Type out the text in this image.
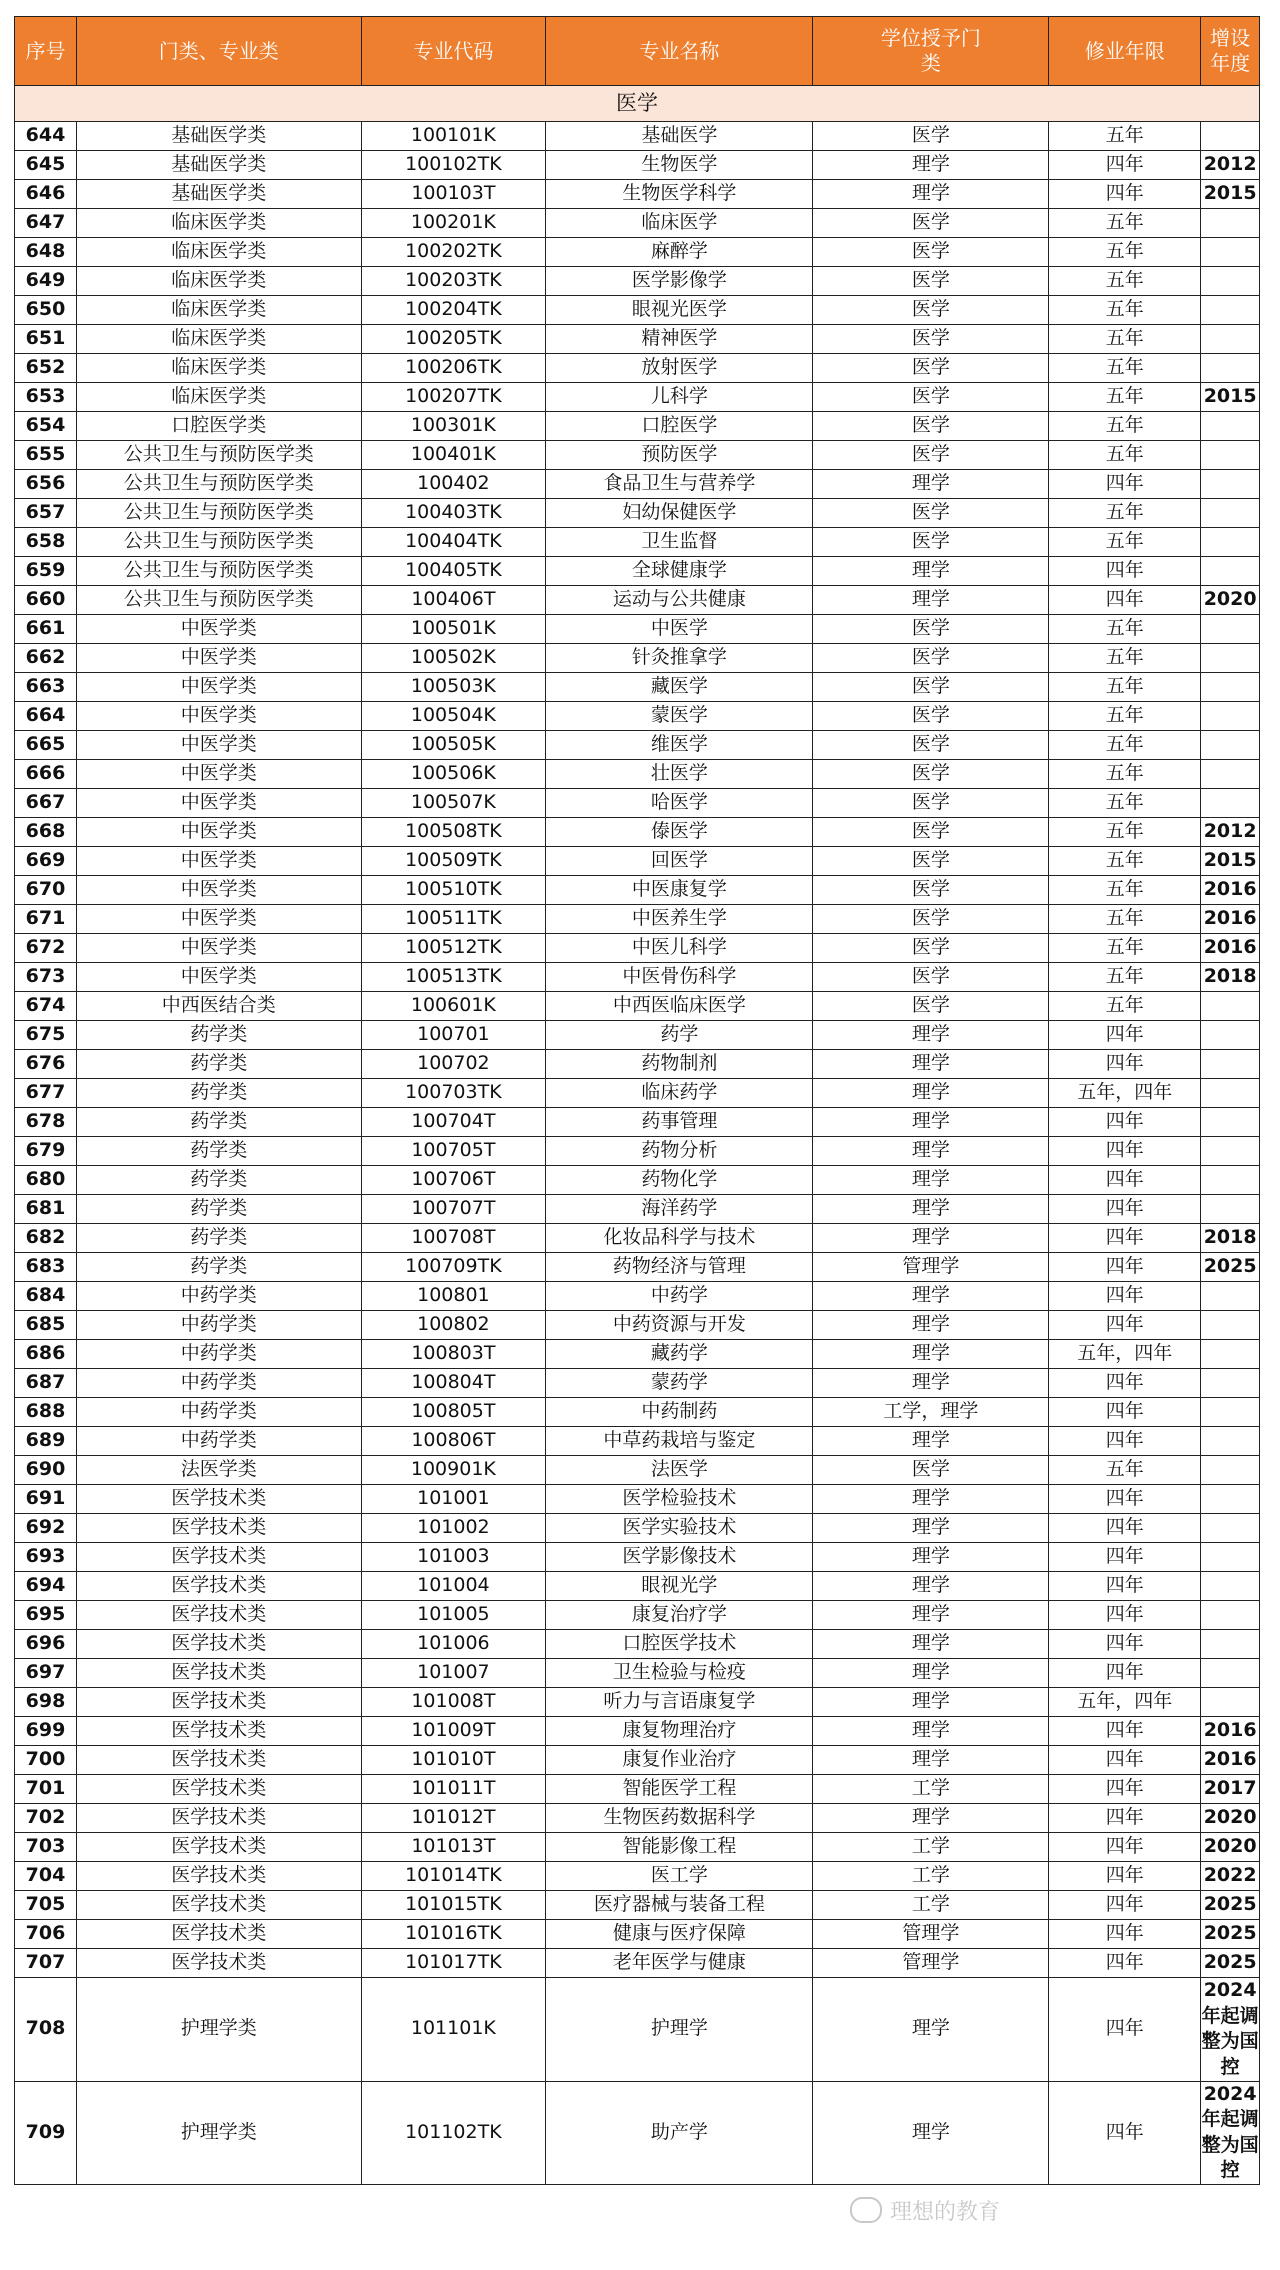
序号	门类、专业类	专业代码	专业名称	学位授予门类	修业年限	增设年度

医学						
644	基础医学类	100101K	基础医学	医学	五年	
645	基础医学类	100102TK	生物医学	理学	四年	2012
646	基础医学类	100103T	生物医学科学	理学	四年	2015
647	临床医学类	100201K	临床医学	医学	五年	
648	临床医学类	100202TK	麻醉学	医学	五年	
649	临床医学类	100203TK	医学影像学	医学	五年	
650	临床医学类	100204TK	眼视光医学	医学	五年	
651	临床医学类	100205TK	精神医学	医学	五年	
652	临床医学类	100206TK	放射医学	医学	五年	
653	临床医学类	100207TK	儿科学	医学	五年	2015
654	口腔医学类	100301K	口腔医学	医学	五年	
655	公共卫生与预防医学类	100401K	预防医学	医学	五年	
656	公共卫生与预防医学类	100402	食品卫生与营养学	理学	四年	
657	公共卫生与预防医学类	100403TK	妇幼保健医学	医学	五年	
658	公共卫生与预防医学类	100404TK	卫生监督	医学	五年	
659	公共卫生与预防医学类	100405TK	全球健康学	理学	四年	
660	公共卫生与预防医学类	100406T	运动与公共健康	理学	四年	2020
661	中医学类	100501K	中医学	医学	五年	
662	中医学类	100502K	针灸推拿学	医学	五年	
663	中医学类	100503K	藏医学	医学	五年	
664	中医学类	100504K	蒙医学	医学	五年	
665	中医学类	100505K	维医学	医学	五年	
666	中医学类	100506K	壮医学	医学	五年	
667	中医学类	100507K	哈医学	医学	五年	
668	中医学类	100508TK	傣医学	医学	五年	2012
669	中医学类	100509TK	回医学	医学	五年	2015
670	中医学类	100510TK	中医康复学	医学	五年	2016
671	中医学类	100511TK	中医养生学	医学	五年	2016
672	中医学类	100512TK	中医儿科学	医学	五年	2016
673	中医学类	100513TK	中医骨伤科学	医学	五年	2018
674	中西医结合类	100601K	中西医临床医学	医学	五年	
675	药学类	100701	药学	理学	四年	
676	药学类	100702	药物制剂	理学	四年	
677	药学类	100703TK	临床药学	理学	五年，四年	
678	药学类	100704T	药事管理	理学	四年	
679	药学类	100705T	药物分析	理学	四年	
680	药学类	100706T	药物化学	理学	四年	
681	药学类	100707T	海洋药学	理学	四年	
682	药学类	100708T	化妆品科学与技术	理学	四年	2018
683	药学类	100709TK	药物经济与管理	管理学	四年	2025
684	中药学类	100801	中药学	理学	四年	
685	中药学类	100802	中药资源与开发	理学	四年	
686	中药学类	100803T	藏药学	理学	五年，四年	
687	中药学类	100804T	蒙药学	理学	四年	
688	中药学类	100805T	中药制药	工学，理学	四年	
689	中药学类	100806T	中草药栽培与鉴定	理学	四年	
690	法医学类	100901K	法医学	医学	五年	
691	医学技术类	101001	医学检验技术	理学	四年	
692	医学技术类	101002	医学实验技术	理学	四年	
693	医学技术类	101003	医学影像技术	理学	四年	
694	医学技术类	101004	眼视光学	理学	四年	
695	医学技术类	101005	康复治疗学	理学	四年	
696	医学技术类	101006	口腔医学技术	理学	四年	
697	医学技术类	101007	卫生检验与检疫	理学	四年	
698	医学技术类	101008T	听力与言语康复学	理学	五年，四年	
699	医学技术类	101009T	康复物理治疗	理学	四年	2016
700	医学技术类	101010T	康复作业治疗	理学	四年	2016
701	医学技术类	101011T	智能医学工程	工学	四年	2017
702	医学技术类	101012T	生物医药数据科学	理学	四年	2020
703	医学技术类	101013T	智能影像工程	工学	四年	2020
704	医学技术类	101014TK	医工学	工学	四年	2022
705	医学技术类	101015TK	医疗器械与装备工程	工学	四年	2025
706	医学技术类	101016TK	健康与医疗保障	管理学	四年	2025
707	医学技术类	101017TK	老年医学与健康	管理学	四年	2025
708	护理学类	101101K	护理学	理学	四年	2024年起调整为国控
709	护理学类	101102TK	助产学	理学	四年	2024年起调整为国控
理想的教育
